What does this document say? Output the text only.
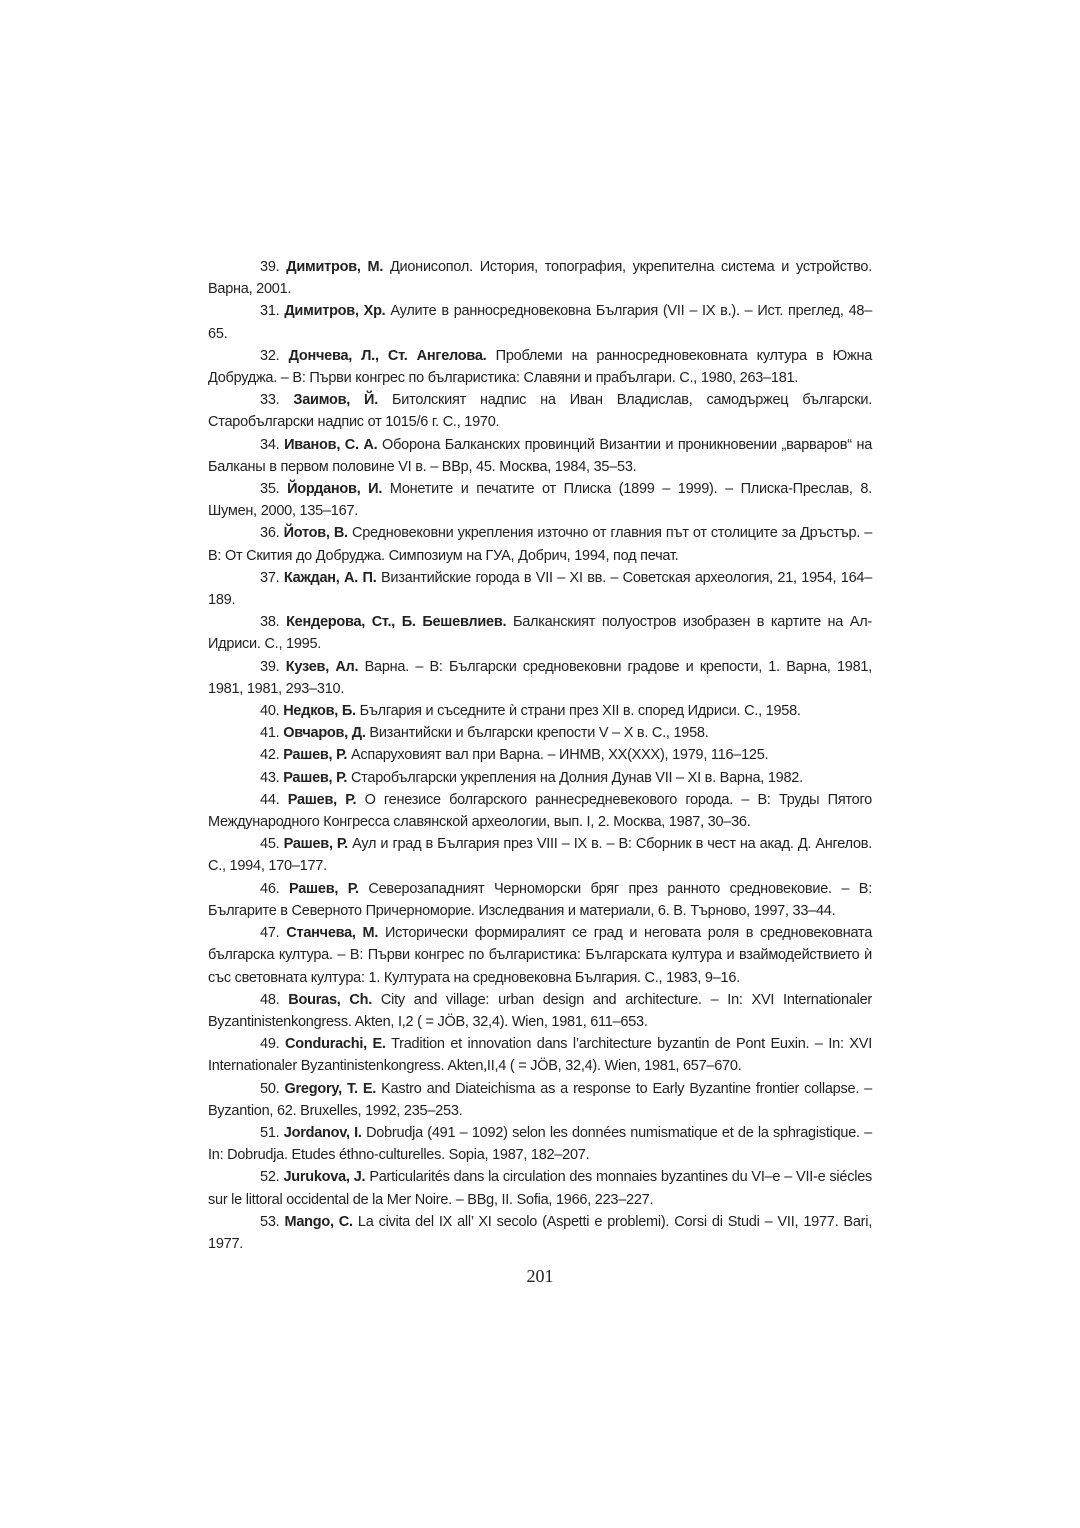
39. Димитров, М. Дионисопол. История, топография, укрепителна система и устройство. Варна, 2001.

31. Димитров, Хр. Аулите в ранносредновековна България (VII – IX в.). – Ист. преглед, 48–65.

32. Дончева, Л., Ст. Ангелова. Проблеми на ранносредновековната култура в Южна Добруджа. – В: Първи конгрес по българистика: Славяни и прабългари. С., 1980, 263–181.

33. Заимов, Й. Битолският надпис на Иван Владислав, самодържец български. Старобългарски надпис от 1015/6 г. С., 1970.

34. Иванов, С. А. Оборона Балканских провинций Византии и проникновении „варваров“ на Балканы в первом половине VI в. – ВВр, 45. Москва, 1984, 35–53.

35. Йорданов, И. Монетите и печатите от Плиска (1899 – 1999). – Плиска-Преслав, 8. Шумен, 2000, 135–167.

36. Йотов, В. Средновековни укрепления източно от главния път от столиците за Дръстър. – В: От Скития до Добруджа. Симпозиум на ГУА, Добрич, 1994, под печат.

37. Каждан, А. П. Византийские города в VII – XI вв. – Советская археология, 21, 1954, 164–189.

38. Кендерова, Ст., Б. Бешевлиев. Балканският полуостров изобразен в картите на Ал-Идриси. С., 1995.

39. Кузев, Ал. Варна. – В: Български средновековни градове и крепости, 1. Варна, 1981, 1981, 1981, 293–310.

40. Недков, Б. България и съседните ѝ страни през XII в. според Идриси. С., 1958.

41. Овчаров, Д. Византийски и български крепости V – X в. С., 1958.

42. Рашев, Р. Аспаруховият вал при Варна. – ИНМВ, XX(XXX), 1979, 116–125.

43. Рашев, Р. Старобългарски укрепления на Долния Дунав VII – XI в. Варна, 1982.

44. Рашев, Р. О генезисе болгарского раннесредневекового города. – В: Труды Пятого Международного Конгресса славянской археологии, вып. I, 2. Москва, 1987, 30–36.

45. Рашев, Р. Аул и град в България през VIII – IX в. – В: Сборник в чест на акад. Д. Ангелов. С., 1994, 170–177.

46. Рашев, Р. Северозападният Черноморски бряг през ранното средновековие. – В: Българите в Северното Причерноморие. Изследвания и материали, 6. В. Търново, 1997, 33–44.

47. Станчева, М. Исторически формиралият се град и неговата роля в средновековната българска култура. – В: Първи конгрес по българистика: Българската култура и взаймодействието ѝ със световната култура: 1. Културата на средновековна България. С., 1983, 9–16.

48. Bouras, Ch. City and village: urban design and architecture. – In: XVI Internationaler Byzantinistenkongress. Akten, I,2 ( = JÖB, 32,4). Wien, 1981, 611–653.

49. Condurachi, E. Tradition et innovation dans l’architecture byzantin de Pont Euxin. – In: XVI Internationaler Byzantinistenkongress. Akten,II,4 ( = JÖB, 32,4). Wien, 1981, 657–670.

50. Gregory, T. E. Kastro and Diateichisma as a response to Early Byzantine frontier collapse. – Byzantion, 62. Bruxelles, 1992, 235–253.

51. Jordanov, I. Dobrudja (491 – 1092) selon les données numismatique et de la sphragistique. – In: Dobrudja. Etudes éthno-culturelles. Sopia, 1987, 182–207.

52. Jurukova, J. Particularités dans la circulation des monnaies byzantines du VI–e – VII-e siécles sur le littoral occidental de la Mer Noire. – BBg, II. Sofia, 1966, 223–227.

53. Mango, C. La civita del IX all’ XI secolo (Aspetti e problemi). Corsi di Studi – VII, 1977. Bari, 1977.

201
